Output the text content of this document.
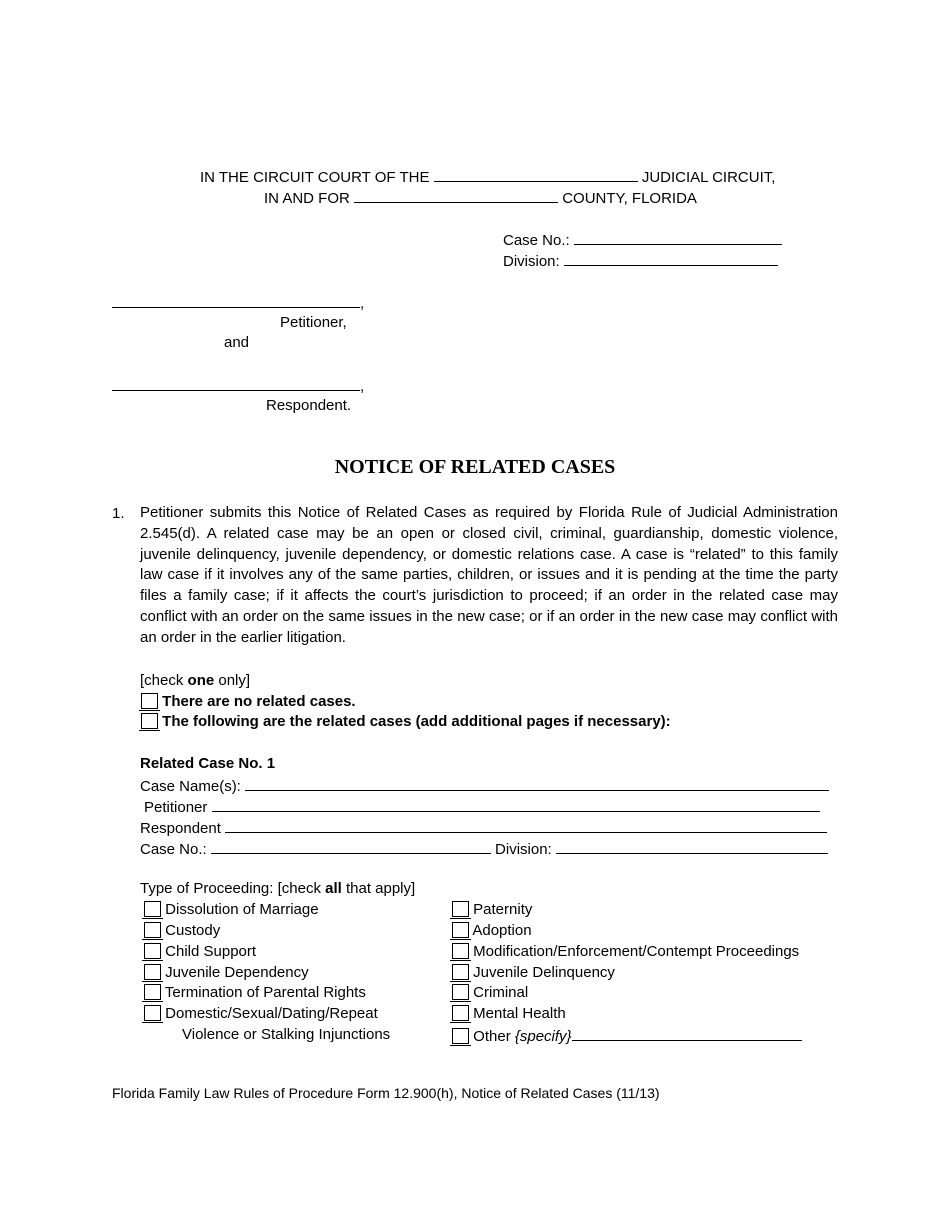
IN THE CIRCUIT COURT OF THE	JUDICIAL CIRCUIT,
IN AND FOR	COUNTY, FLORIDA
Case No.:
Division:
,
Petitioner,
and
,
Respondent.
NOTICE OF RELATED CASES
1. Petitioner submits this Notice of Related Cases as required by Florida Rule of Judicial Administration 2.545(d). A related case may be an open or closed civil, criminal, guardianship, domestic violence, juvenile delinquency, juvenile dependency, or domestic relations case. A case is “related” to this family law case if it involves any of the same parties, children, or issues and it is pending at the time the party files a family case; if it affects the court’s jurisdiction to proceed; if an order in the related case may conflict with an order on the same issues in the new case; or if an order in the new case may conflict with an order in the earlier litigation.
[check one only]
There are no related cases.
The following are the related cases (add additional pages if necessary):
Related Case No. 1
Case Name(s):
Petitioner
Respondent
Case No.:	Division:
Type of Proceeding: [check all that apply]
Dissolution of Marriage
Custody
Child Support
Juvenile Dependency
Termination of Parental Rights
Domestic/Sexual/Dating/Repeat
Violence or Stalking Injunctions
Paternity
Adoption
Modification/Enforcement/Contempt Proceedings
Juvenile Delinquency
Criminal
Mental Health
Other {specify}
Florida Family Law Rules of Procedure Form 12.900(h), Notice of Related Cases (11/13)
